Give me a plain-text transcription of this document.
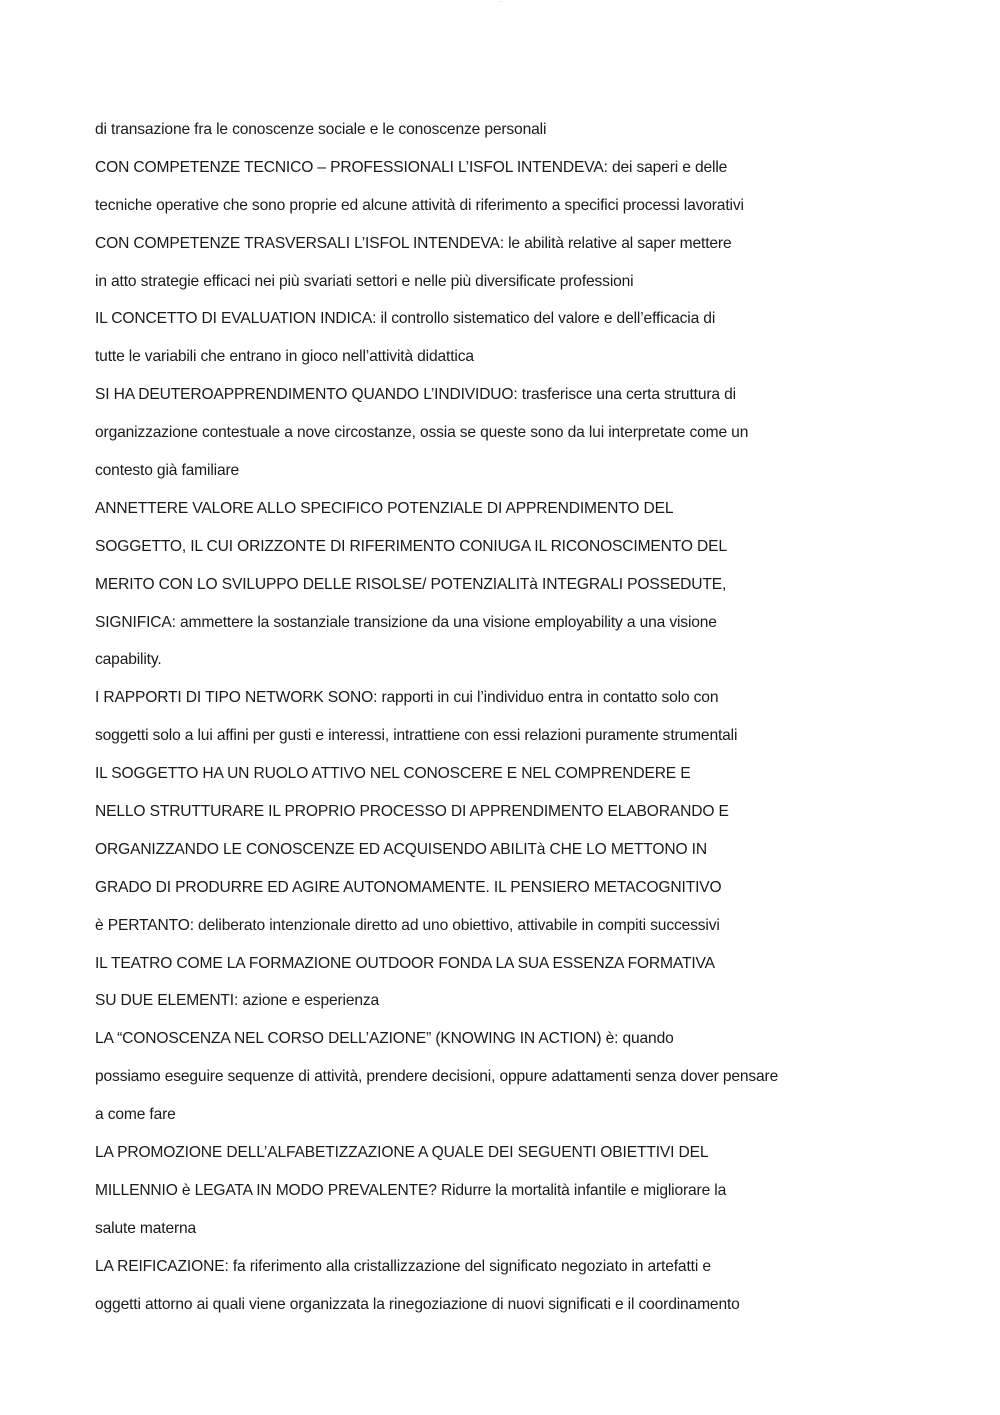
—
di transazione fra le conoscenze sociale e le conoscenze personali
CON COMPETENZE TECNICO – PROFESSIONALI L’ISFOL INTENDEVA: dei saperi e delle
tecniche operative che sono proprie ed alcune attività di riferimento a specifici processi lavorativi
CON COMPETENZE TRASVERSALI L’ISFOL INTENDEVA: le abilità relative al saper mettere
in atto strategie efficaci nei più svariati settori e nelle più diversificate professioni
IL CONCETTO DI EVALUATION INDICA: il controllo sistematico del valore e dell’efficacia di
tutte le variabili che entrano in gioco nell’attività didattica
SI HA DEUTEROAPPRENDIMENTO QUANDO L’INDIVIDUO: trasferisce una certa struttura di
organizzazione contestuale a nove circostanze, ossia se queste sono da lui interpretate come un
contesto già familiare
ANNETTERE VALORE ALLO SPECIFICO POTENZIALE DI APPRENDIMENTO DEL
SOGGETTO, IL CUI ORIZZONTE DI RIFERIMENTO CONIUGA IL RICONOSCIMENTO DEL
MERITO CON LO SVILUPPO DELLE RISOLSE/ POTENZIALITà INTEGRALI POSSEDUTE,
SIGNIFICA: ammettere la sostanziale transizione da una visione employability a una visione
capability.
I RAPPORTI DI TIPO NETWORK SONO: rapporti in cui l’individuo entra in contatto solo con
soggetti solo a lui affini per gusti e interessi, intrattiene con essi relazioni puramente strumentali
IL SOGGETTO HA UN RUOLO ATTIVO NEL CONOSCERE E NEL COMPRENDERE E
NELLO STRUTTURARE IL PROPRIO PROCESSO DI APPRENDIMENTO ELABORANDO E
ORGANIZZANDO LE CONOSCENZE ED ACQUISENDO ABILITà CHE LO METTONO IN
GRADO DI PRODURRE ED AGIRE AUTONOMAMENTE. IL PENSIERO METACOGNITIVO
è PERTANTO: deliberato intenzionale diretto ad uno obiettivo, attivabile in compiti successivi
IL TEATRO COME LA FORMAZIONE OUTDOOR FONDA LA SUA ESSENZA FORMATIVA
SU DUE ELEMENTI: azione e esperienza
LA “CONOSCENZA NEL CORSO DELL’AZIONE” (KNOWING IN ACTION) è: quando
possiamo eseguire sequenze di attività, prendere decisioni, oppure adattamenti senza dover pensare
a come fare
LA PROMOZIONE DELL’ALFABETIZZAZIONE A QUALE DEI SEGUENTI OBIETTIVI DEL
MILLENNIO è LEGATA IN MODO PREVALENTE? Ridurre la mortalità infantile e migliorare la
salute materna
LA REIFICAZIONE: fa riferimento alla cristallizzazione del significato negoziato in artefatti e
oggetti attorno ai quali viene organizzata la rinegoziazione di nuovi significati e il coordinamento
